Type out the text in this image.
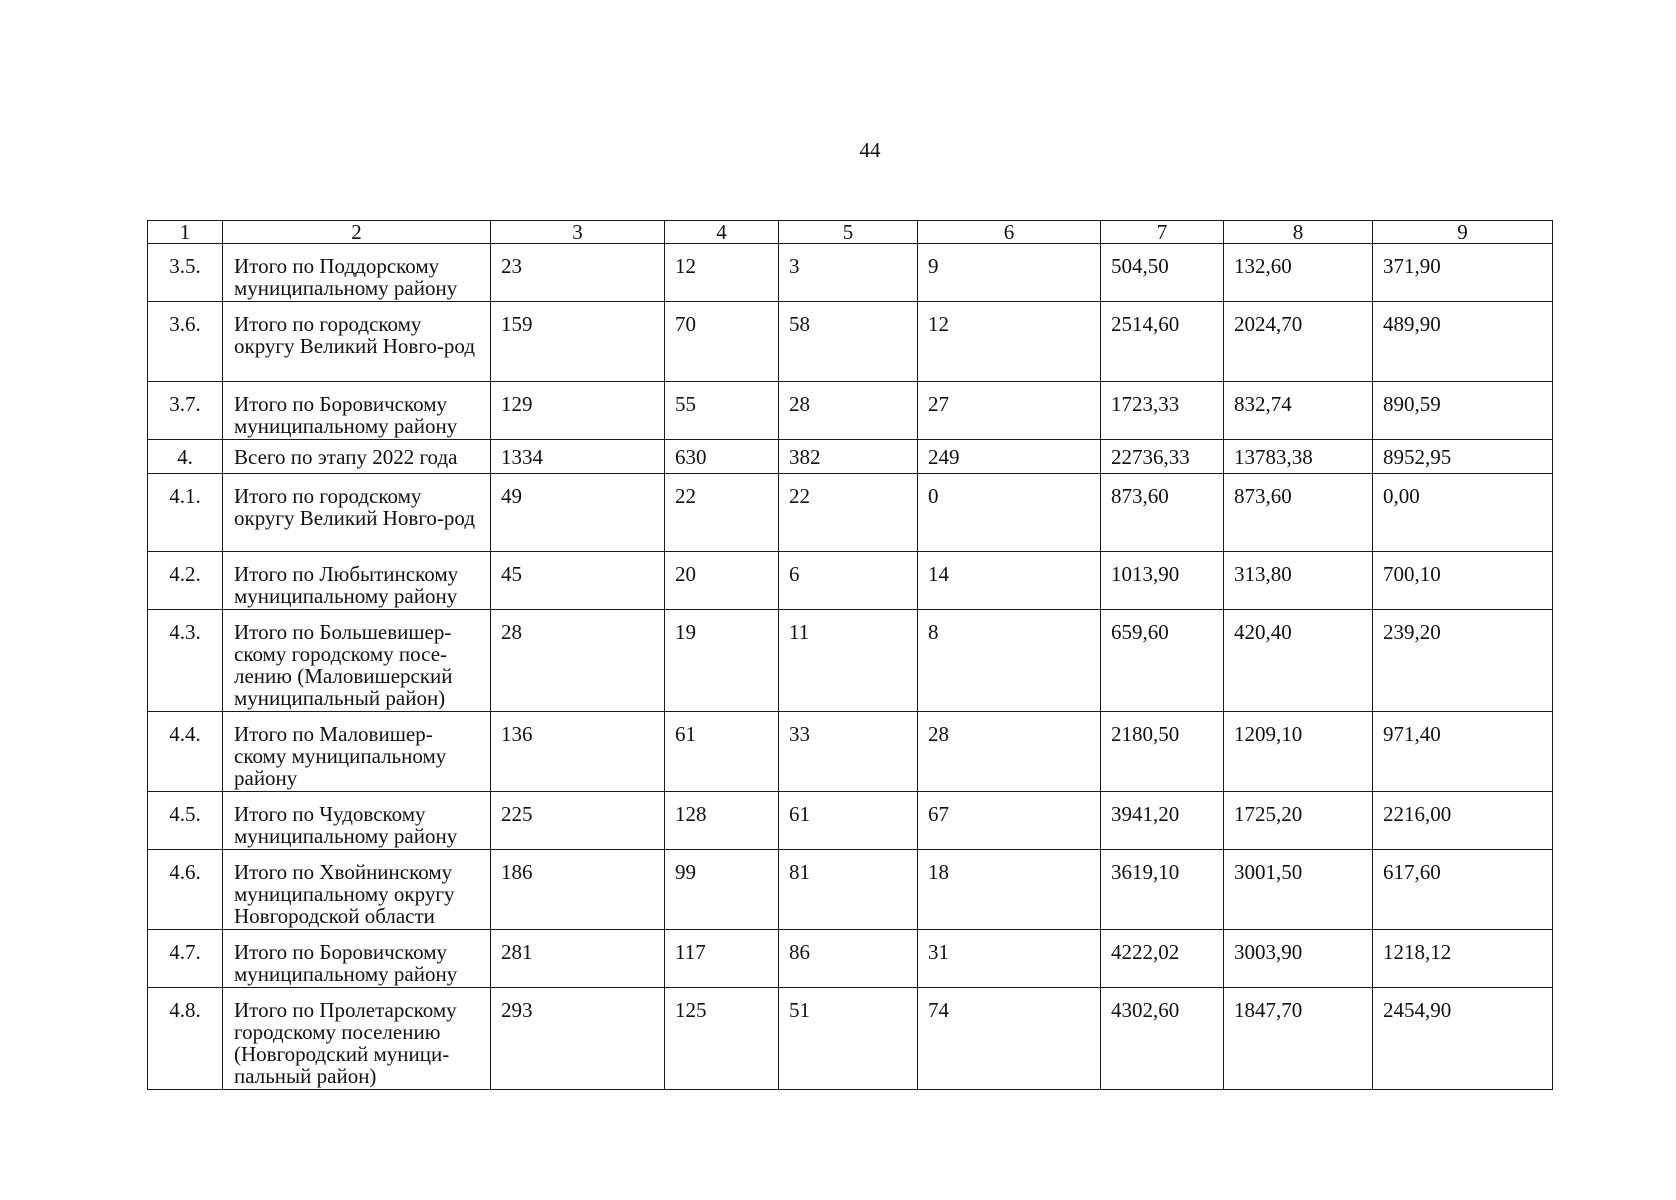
44
1	2	3	4	5	6	7	8	9
3.5.	Итого по Поддорскому муниципальному району	23	12	3	9	504,50	132,60	371,90
3.6.	Итого по городскому округу Великий Новго-род	159	70	58	12	2514,60	2024,70	489,90
3.7.	Итого по Боровичскому муниципальному району	129	55	28	27	1723,33	832,74	890,59
4.	Всего по этапу 2022 года	1334	630	382	249	22736,33	13783,38	8952,95
4.1.	Итого по городскому округу Великий Новго-род	49	22	22	0	873,60	873,60	0,00
4.2.	Итого по Любытинскому муниципальному району	45	20	6	14	1013,90	313,80	700,10
4.3.	Итого по Большевишер-скому городскому посе-лению (Маловишерский муниципальный район)	28	19	11	8	659,60	420,40	239,20
4.4.	Итого по Маловишер-скому муниципальному району	136	61	33	28	2180,50	1209,10	971,40
4.5.	Итого по Чудовскому муниципальному району	225	128	61	67	3941,20	1725,20	2216,00
4.6.	Итого по Хвойнинскому муниципальному округу Новгородской области	186	99	81	18	3619,10	3001,50	617,60
4.7.	Итого по Боровичскому муниципальному району	281	117	86	31	4222,02	3003,90	1218,12
4.8.	Итого по Пролетарскому городскому поселению (Новгородский муници-пальный район)	293	125	51	74	4302,60	1847,70	2454,90
